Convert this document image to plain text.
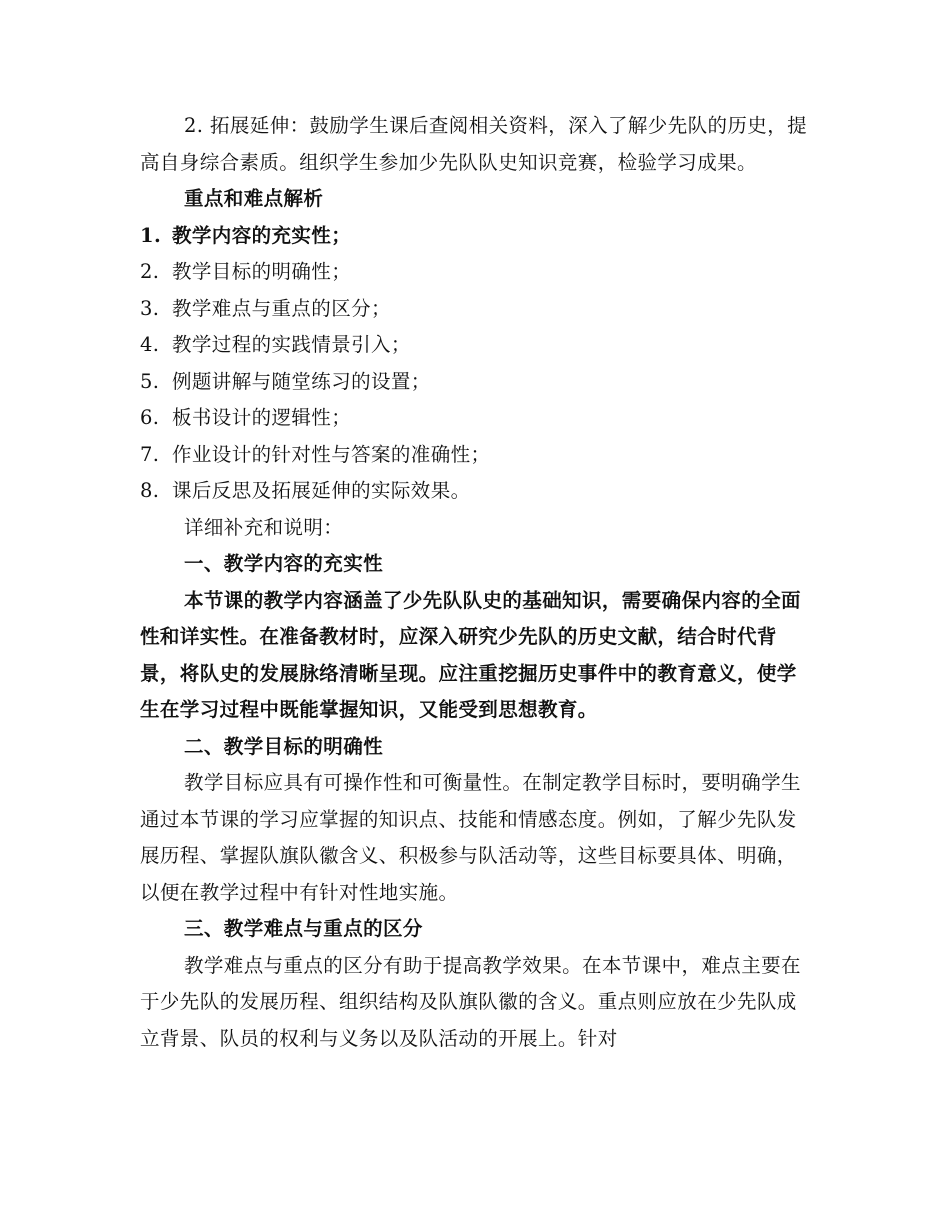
2. 拓展延伸：鼓励学生课后查阅相关资料，深入了解少先队的历史，提高自身综合素质。组织学生参加少先队队史知识竞赛，检验学习成果。

重点和难点解析

1. 教学内容的充实性；

2. 教学目标的明确性；

3. 教学难点与重点的区分；

4. 教学过程的实践情景引入；

5. 例题讲解与随堂练习的设置；

6. 板书设计的逻辑性；

7. 作业设计的针对性与答案的准确性；

8. 课后反思及拓展延伸的实际效果。

详细补充和说明：

一、教学内容的充实性

本节课的教学内容涵盖了少先队队史的基础知识，需要确保内容的全面性和详实性。在准备教材时，应深入研究少先队的历史文献，结合时代背景，将队史的发展脉络清晰呈现。应注重挖掘历史事件中的教育意义，使学生在学习过程中既能掌握知识，又能受到思想教育。

二、教学目标的明确性

教学目标应具有可操作性和可衡量性。在制定教学目标时，要明确学生通过本节课的学习应掌握的知识点、技能和情感态度。例如，了解少先队发展历程、掌握队旗队徽含义、积极参与队活动等，这些目标要具体、明确，以便在教学过程中有针对性地实施。

三、教学难点与重点的区分

教学难点与重点的区分有助于提高教学效果。在本节课中，难点主要在于少先队的发展历程、组织结构及队旗队徽的含义。重点则应放在少先队成立背景、队员的权利与义务以及队活动的开展上。针对
